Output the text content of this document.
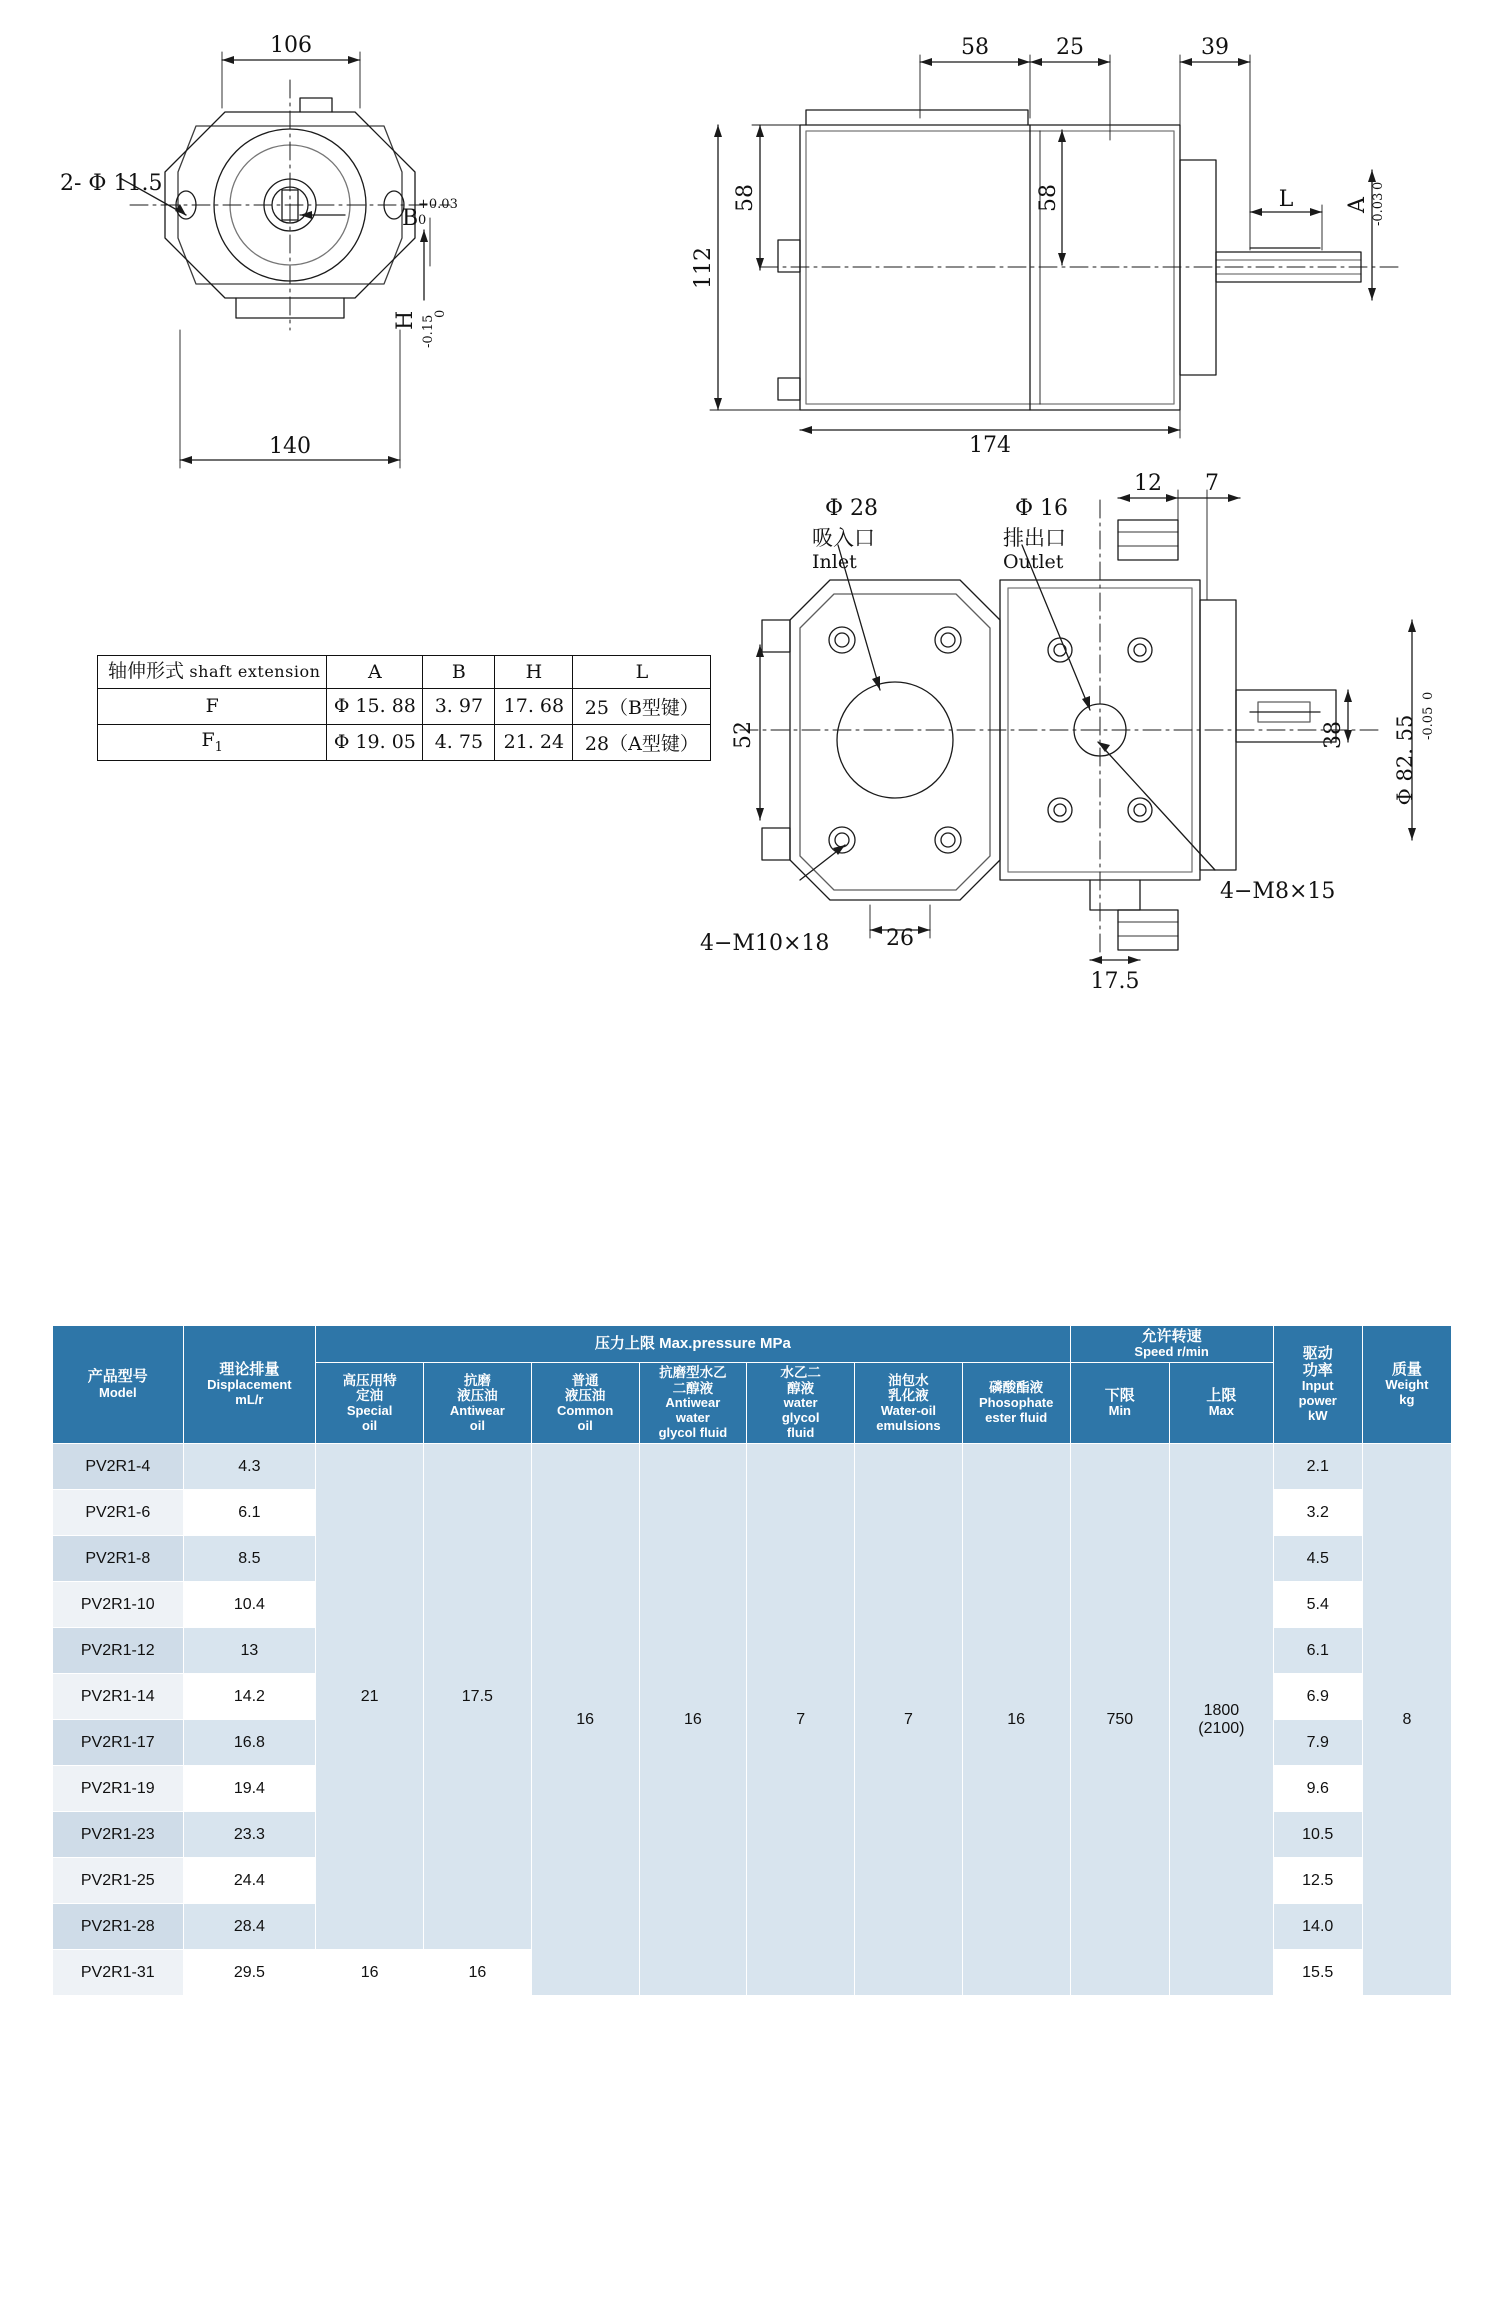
106
140
2- Φ 11.5
B
+0.03
0
H 0
-0.15
58	25	39
58	58
112
174
L A
0
-0.03
Φ 28
吸入口
Inlet
Φ 16
排出口
Outlet
12 7
52	38 Φ 82. 55
0
-0.05
4−M10×18	26
4−M8×15
17.5
轴伸形式 shaft extension	A	B	H	L
F	Φ 15. 88	3. 97	17. 68	25（B型键）
$F_1$	Φ 19. 05	4. 75	21. 24	28（A型键）
产品型号
Model	理论排量
Displacement
mL/r	压力上限 Max.pressure MPa							允许转速
Speed r/min		驱动
功率
Input
power
kW	质量
Weight
kg

		高压用特
定油
Special
oil	抗磨
液压油
Antiwear
oil	普通
液压油
Common
oil	抗磨型水乙
二醇液
Antiwear
water
glycol fluid	水乙二
醇液
water
glycol
fluid	油包水
乳化液
Water-oil
emulsions	磷酸酯液
Phosophate
ester fluid	下限
Min	上限
Max		

PV2R1-4	4.3	21	17.5	16	16	7	7	16	750	1800
(2100)	2.1	8
PV2R1-6	6.1										3.2	
PV2R1-8	8.5										4.5	
PV2R1-10	10.4										5.4	
PV2R1-12	13										6.1	
PV2R1-14	14.2										6.9	
PV2R1-17	16.8										7.9	
PV2R1-19	19.4										9.6	
PV2R1-23	23.3										10.5	
PV2R1-25	24.4										12.5	
PV2R1-28	28.4										14.0	
PV2R1-31	29.5	16	16								15.5	
